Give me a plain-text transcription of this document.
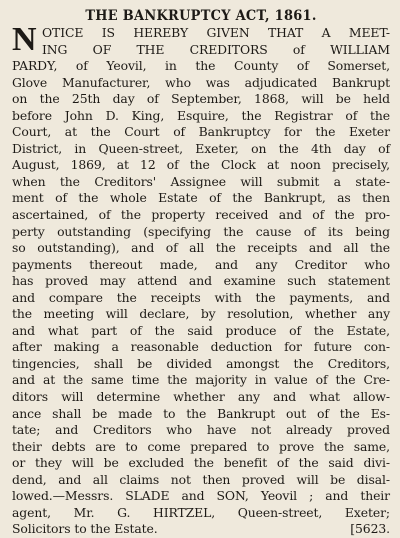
THE BANKRUPTCY ACT, 1861.
N OTICE IS HEREBY GIVEN THAT A MEET-
ING OF THE CREDITORS of WILLIAM
PARDY, of Yeovil, in the County of Somerset,
Glove Manufacturer, who was adjudicated Bankrupt
on the 25th day of September, 1868, will be held
before John D. King, Esquire, the Registrar of the
Court, at the Court of Bankruptcy for the Exeter
District, in Queen-street, Exeter, on the 4th day of
August, 1869, at 12 of the Clock at noon precisely,
when the Creditors' Assignee will submit a state-
ment of the whole Estate of the Bankrupt, as then
ascertained, of the property received and of the pro-
perty outstanding (specifying the cause of its being
so outstanding), and of all the receipts and all the
payments thereout made, and any Creditor who
has proved may attend and examine such statement
and compare the receipts with the payments, and
the meeting will declare, by resolution, whether any
and what part of the said produce of the Estate,
after making a reasonable deduction for future con-
tingencies, shall be divided amongst the Creditors,
and at the same time the majority in value of the Cre-
ditors will determine whether any and what allow-
ance shall be made to the Bankrupt out of the Es-
tate; and Creditors who have not already proved
their debts are to come prepared to prove the same,
or they will be excluded the benefit of the said divi-
dend, and all claims not then proved will be disal-
lowed.—Messrs. SLADE and SON, Yeovil ; and their
agent, Mr. G. HIRTZEL, Queen-street, Exeter;
Solicitors to the Estate.	[5623.
